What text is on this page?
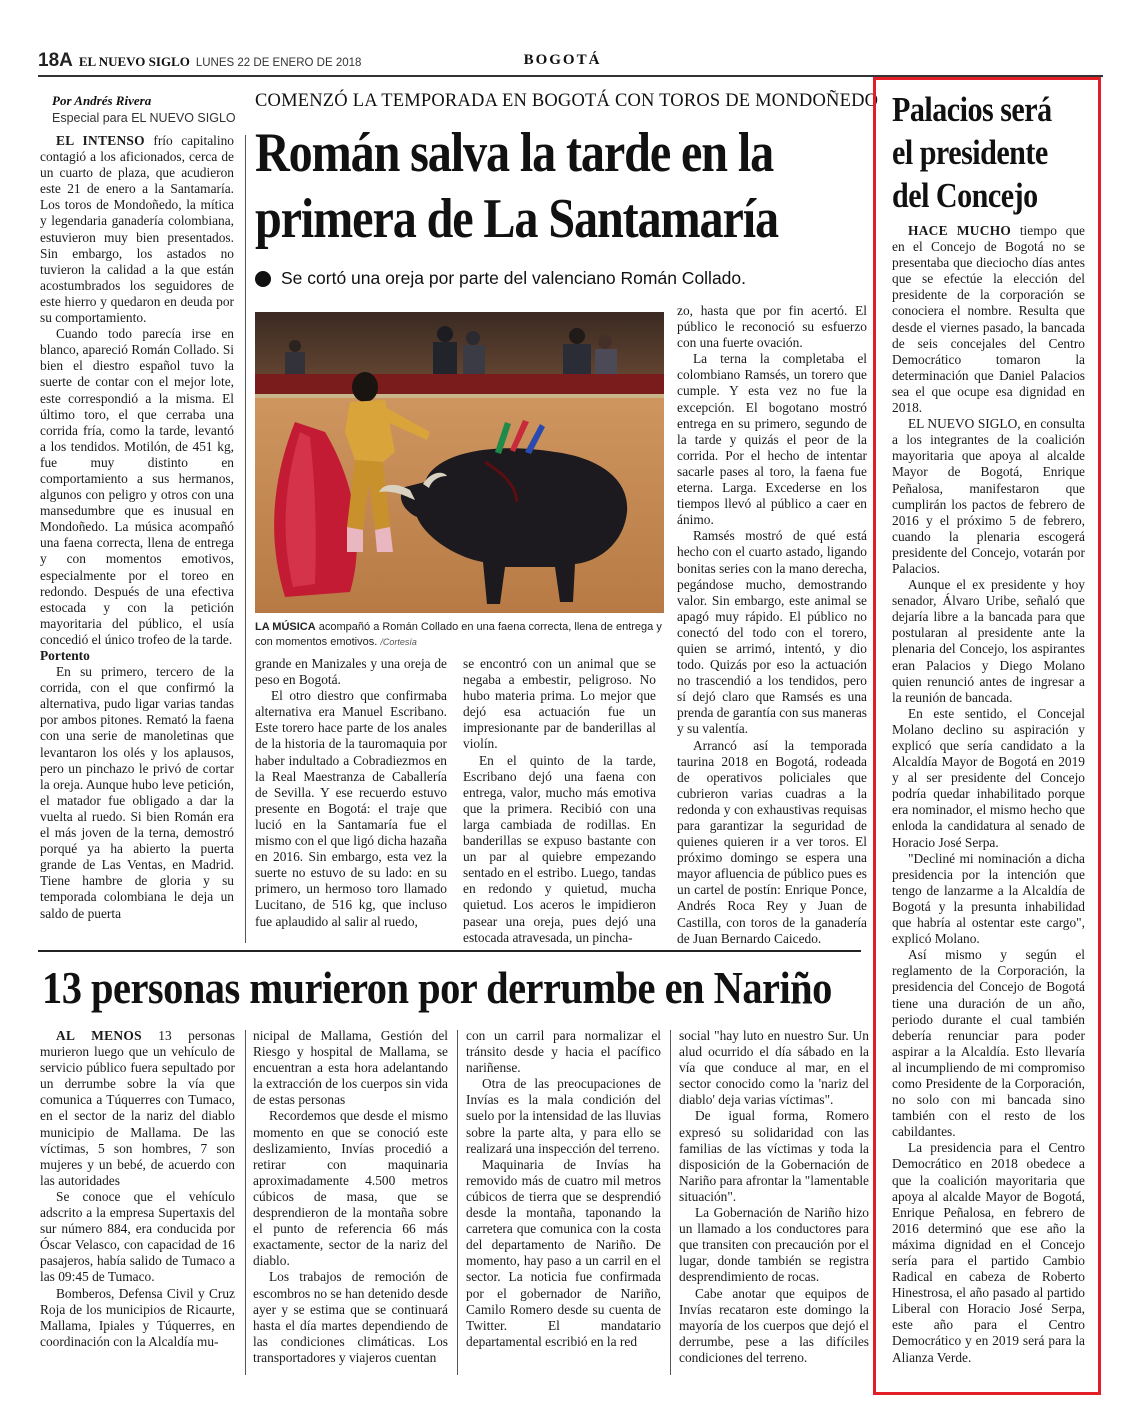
18A EL NUEVO SIGLO LUNES 22 DE ENERO DE 2018	BOGOTÁ
Por Andrés Rivera
Especial para EL NUEVO SIGLO
COMENZÓ LA TEMPORADA EN BOGOTÁ CON TOROS DE MONDOÑEDO
Román salva la tarde en la
primera de La Santamaría
Se cortó una oreja por parte del valenciano Román Collado.
LA MÚSICA acompañó a Román Collado en una faena correcta, llena de entrega y con momentos emotivos. /Cortesía

EL INTENSO frío capitalino contagió a los aficionados, cerca de un cuarto de plaza, que acudieron este 21 de enero a la Santamaría. Los toros de Mondoñedo, la mítica y legendaria ganadería colombiana, estuvieron muy bien presentados. Sin embargo, los astados no tuvieron la calidad a la que están acostumbrados los seguidores de este hierro y quedaron en deuda por su comportamiento.

Cuando todo parecía irse en blanco, apareció Román Collado. Si bien el diestro español tuvo la suerte de contar con el mejor lote, este correspondió a la misma. El último toro, el que cerraba una corrida fría, como la tarde, levantó a los tendidos. Motilón, de 451 kg, fue muy distinto en comportamiento a sus hermanos, algunos con peligro y otros con una mansedumbre que es inusual en Mondoñedo. La música acompañó una faena correcta, llena de entrega y con momentos emotivos, especialmente por el toreo en redondo. Después de una efectiva estocada y con la petición mayoritaria del público, el usía concedió el único trofeo de la tarde.

Portento

En su primero, tercero de la corrida, con el que confirmó la alternativa, pudo ligar varias tandas por ambos pitones. Remató la faena con una serie de manoletinas que levantaron los olés y los aplausos, pero un pinchazo le privó de cortar la oreja. Aunque hubo leve petición, el matador fue obligado a dar la vuelta al ruedo. Si bien Román era el más joven de la terna, demostró porqué ya ha abierto la puerta grande de Las Ventas, en Madrid. Tiene hambre de gloria y su temporada colombiana le deja un saldo de puerta

grande en Manizales y una oreja de peso en Bogotá.

El otro diestro que confirmaba alternativa era Manuel Escribano. Este torero hace parte de los anales de la historia de la tauromaquia por haber indultado a Cobradiezmos en la Real Maestranza de Caballería de Sevilla. Y ese recuerdo estuvo presente en Bogotá: el traje que lució en la Santamaría fue el mismo con el que ligó dicha hazaña en 2016. Sin embargo, esta vez la suerte no estuvo de su lado: en su primero, un hermoso toro llamado Lucitano, de 516 kg, que incluso fue aplaudido al salir al ruedo,

se encontró con un animal que se negaba a embestir, peligroso. No hubo materia prima. Lo mejor que dejó esa actuación fue un impresionante par de banderillas al violín.

En el quinto de la tarde, Escribano dejó una faena con entrega, valor, mucho más emotiva que la primera. Recibió con una larga cambiada de rodillas. En banderillas se expuso bastante con un par al quiebre empezando sentado en el estribo. Luego, tandas en redondo y quietud, mucha quietud. Los aceros le impidieron pasear una oreja, pues dejó una estocada atravesada, un pincha-

zo, hasta que por fin acertó. El público le reconoció su esfuerzo con una fuerte ovación.

La terna la completaba el colombiano Ramsés, un torero que cumple. Y esta vez no fue la excepción. El bogotano mostró entrega en su primero, segundo de la tarde y quizás el peor de la corrida. Por el hecho de intentar sacarle pases al toro, la faena fue eterna. Larga. Excederse en los tiempos llevó al público a caer en ánimo.

Ramsés mostró de qué está hecho con el cuarto astado, ligando bonitas series con la mano derecha, pegándose mucho, demostrando valor. Sin embargo, este animal se apagó muy rápido. El público no conectó del todo con el torero, quien se arrimó, intentó, y dio todo. Quizás por eso la actuación no trascendió a los tendidos, pero sí dejó claro que Ramsés es una prenda de garantía con sus maneras y su valentía.

Arrancó así la temporada taurina 2018 en Bogotá, rodeada de operativos policiales que cubrieron varias cuadras a la redonda y con exhaustivas requisas para garantizar la seguridad de quienes quieren ir a ver toros. El próximo domingo se espera una mayor afluencia de público pues es un cartel de postín: Enrique Ponce, Andrés Roca Rey y Juan de Castilla, con toros de la ganadería de Juan Bernardo Caicedo.

13 personas murieron por derrumbe en Nariño

AL MENOS 13 personas murieron luego que un vehículo de servicio público fuera sepultado por un derrumbe sobre la vía que comunica a Túquerres con Tumaco, en el sector de la nariz del diablo municipio de Mallama. De las víctimas, 5 son hombres, 7 son mujeres y un bebé, de acuerdo con las autoridades

Se conoce que el vehículo adscrito a la empresa Supertaxis del sur número 884, era conducida por Óscar Velasco, con capacidad de 16 pasajeros, había salido de Tumaco a las 09:45 de Tumaco.

Bomberos, Defensa Civil y Cruz Roja de los municipios de Ricaurte, Mallama, Ipiales y Túquerres, en coordinación con la Alcaldía mu-

nicipal de Mallama, Gestión del Riesgo y hospital de Mallama, se encuentran a esta hora adelantando la extracción de los cuerpos sin vida de estas personas

Recordemos que desde el mismo momento en que se conoció este deslizamiento, Invías procedió a retirar con maquinaria aproximadamente 4.500 metros cúbicos de masa, que se desprendieron de la montaña sobre el punto de referencia 66 más exactamente, sector de la nariz del diablo.

Los trabajos de remoción de escombros no se han detenido desde ayer y se estima que se continuará hasta el día martes dependiendo de las condiciones climáticas. Los transportadores y viajeros cuentan

con un carril para normalizar el tránsito desde y hacia el pacífico nariñense.

Otra de las preocupaciones de Invías es la mala condición del suelo por la intensidad de las lluvias sobre la parte alta, y para ello se realizará una inspección del terreno.

Maquinaria de Invías ha removido más de cuatro mil metros cúbicos de tierra que se desprendió desde la montaña, taponando la carretera que comunica con la costa del departamento de Nariño. De momento, hay paso a un carril en el sector. La noticia fue confirmada por el gobernador de Nariño, Camilo Romero desde su cuenta de Twitter. El mandatario departamental escribió en la red

social "hay luto en nuestro Sur. Un alud ocurrido el día sábado en la vía que conduce al mar, en el sector conocido como la 'nariz del diablo' deja varias víctimas".

De igual forma, Romero expresó su solidaridad con las familias de las víctimas y toda la disposición de la Gobernación de Nariño para afrontar la "lamentable situación".

La Gobernación de Nariño hizo un llamado a los conductores para que transiten con precaución por el lugar, donde también se registra desprendimiento de rocas.

Cabe anotar que equipos de Invías recataron este domingo la mayoría de los cuerpos que dejó el derrumbe, pese a las difíciles condiciones del terreno.

Palacios será
el presidente
del Concejo

HACE MUCHO tiempo que en el Concejo de Bogotá no se presentaba que dieciocho días antes que se efectúe la elección del presidente de la corporación se conociera el nombre. Resulta que desde el viernes pasado, la bancada de seis concejales del Centro Democrático tomaron la determinación que Daniel Palacios sea el que ocupe esa dignidad en 2018.

EL NUEVO SIGLO, en consulta a los integrantes de la coalición mayoritaria que apoya al alcalde Mayor de Bogotá, Enrique Peñalosa, manifestaron que cumplirán los pactos de febrero de 2016 y el próximo 5 de febrero, cuando la plenaria escogerá presidente del Concejo, votarán por Palacios.

Aunque el ex presidente y hoy senador, Álvaro Uribe, señaló que dejaría libre a la bancada para que postularan al presidente ante la plenaria del Concejo, los aspirantes eran Palacios y Diego Molano quien renunció antes de ingresar a la reunión de bancada.

En este sentido, el Concejal Molano declino su aspiración y explicó que sería candidato a la Alcaldía Mayor de Bogotá en 2019 y al ser presidente del Concejo podría quedar inhabilitado porque era nominador, el mismo hecho que enloda la candidatura al senado de Horacio José Serpa.

"Decliné mi nominación a dicha presidencia por la intención que tengo de lanzarme a la Alcaldía de Bogotá y la presunta inhabilidad que habría al ostentar este cargo", explicó Molano.

Así mismo y según el reglamento de la Corporación, la presidencia del Concejo de Bogotá tiene una duración de un año, periodo durante el cual también debería renunciar para poder aspirar a la Alcaldía. Esto llevaría al incumpliendo de mi compromiso como Presidente de la Corporación, no solo con mi bancada sino también con el resto de los cabildantes.

La presidencia para el Centro Democrático en 2018 obedece a que la coalición mayoritaria que apoya al alcalde Mayor de Bogotá, Enrique Peñalosa, en febrero de 2016 determinó que ese año la máxima dignidad en el Concejo sería para el partido Cambio Radical en cabeza de Roberto Hinestrosa, el año pasado al partido Liberal con Horacio José Serpa, este año para el Centro Democrático y en 2019 será para la Alianza Verde.
